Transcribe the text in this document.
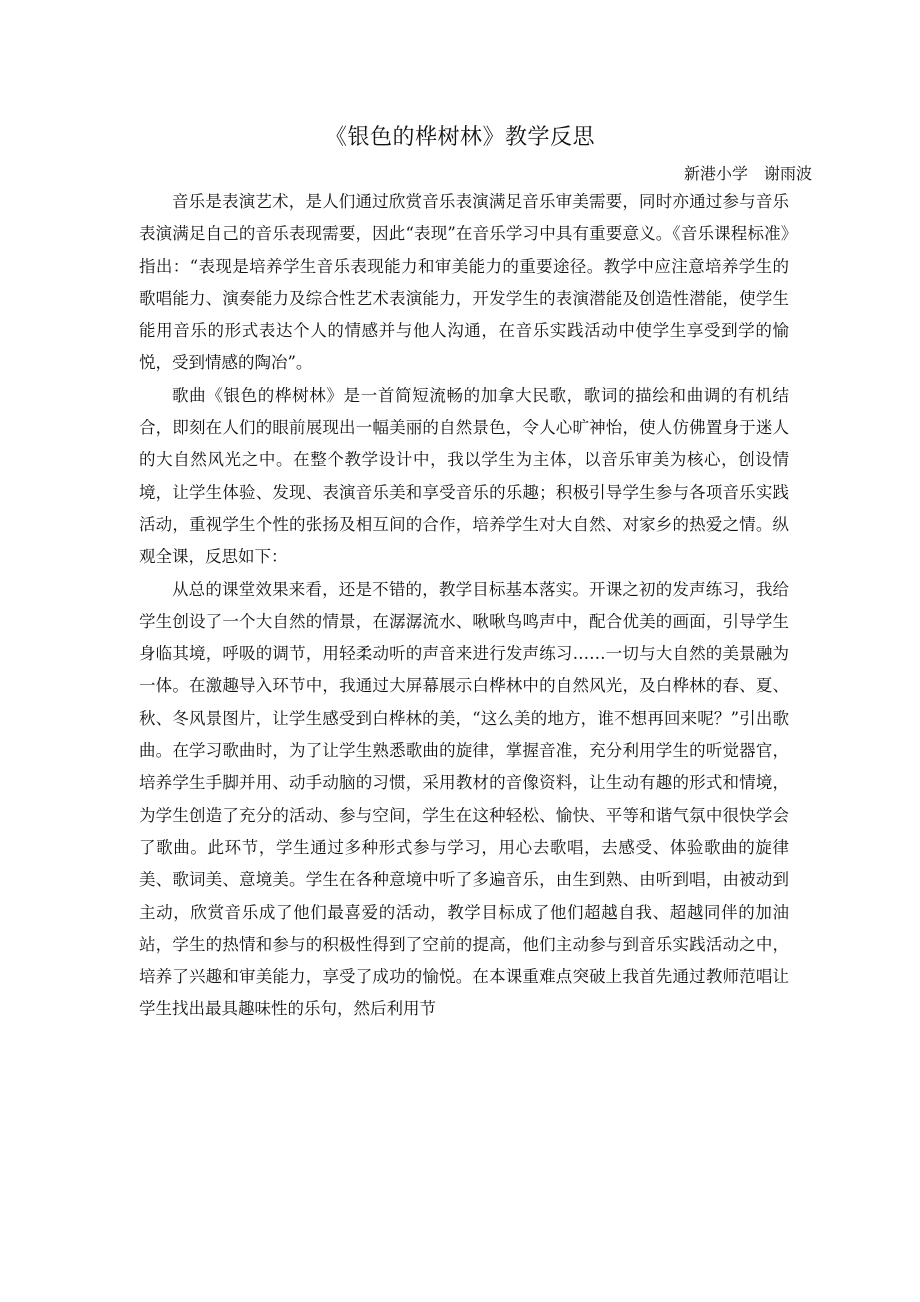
《银色的桦树林》教学反思
新港小学　谢雨波

音乐是表演艺术，是人们通过欣赏音乐表演满足音乐审美需要，同时亦通过参与音乐表演满足自己的音乐表现需要，因此“表现”在音乐学习中具有重要意义。《音乐课程标准》指出：“表现是培养学生音乐表现能力和审美能力的重要途径。教学中应注意培养学生的歌唱能力、演奏能力及综合性艺术表演能力，开发学生的表演潜能及创造性潜能，使学生能用音乐的形式表达个人的情感并与他人沟通，在音乐实践活动中使学生享受到学的愉悦，受到情感的陶冶”。

歌曲《银色的桦树林》是一首简短流畅的加拿大民歌，歌词的描绘和曲调的有机结合，即刻在人们的眼前展现出一幅美丽的自然景色，令人心旷神怡，使人仿佛置身于迷人的大自然风光之中。在整个教学设计中，我以学生为主体，以音乐审美为核心，创设情境，让学生体验、发现、表演音乐美和享受音乐的乐趣；积极引导学生参与各项音乐实践活动，重视学生个性的张扬及相互间的合作，培养学生对大自然、对家乡的热爱之情。纵观全课，反思如下：

从总的课堂效果来看，还是不错的，教学目标基本落实。开课之初的发声练习，我给学生创设了一个大自然的情景，在潺潺流水、啾啾鸟鸣声中，配合优美的画面，引导学生身临其境，呼吸的调节，用轻柔动听的声音来进行发声练习……一切与大自然的美景融为一体。在激趣导入环节中，我通过大屏幕展示白桦林中的自然风光，及白桦林的春、夏、秋、冬风景图片，让学生感受到白桦林的美，“这么美的地方，谁不想再回来呢？”引出歌曲。在学习歌曲时，为了让学生熟悉歌曲的旋律，掌握音准，充分利用学生的听觉器官，培养学生手脚并用、动手动脑的习惯，采用教材的音像资料，让生动有趣的形式和情境，为学生创造了充分的活动、参与空间，学生在这种轻松、愉快、平等和谐气氛中很快学会了歌曲。此环节，学生通过多种形式参与学习，用心去歌唱，去感受、体验歌曲的旋律美、歌词美、意境美。学生在各种意境中听了多遍音乐，由生到熟、由听到唱，由被动到主动，欣赏音乐成了他们最喜爱的活动，教学目标成了他们超越自我、超越同伴的加油站，学生的热情和参与的积极性得到了空前的提高，他们主动参与到音乐实践活动之中，培养了兴趣和审美能力，享受了成功的愉悦。在本课重难点突破上我首先通过教师范唱让学生找出最具趣味性的乐句，然后利用节
